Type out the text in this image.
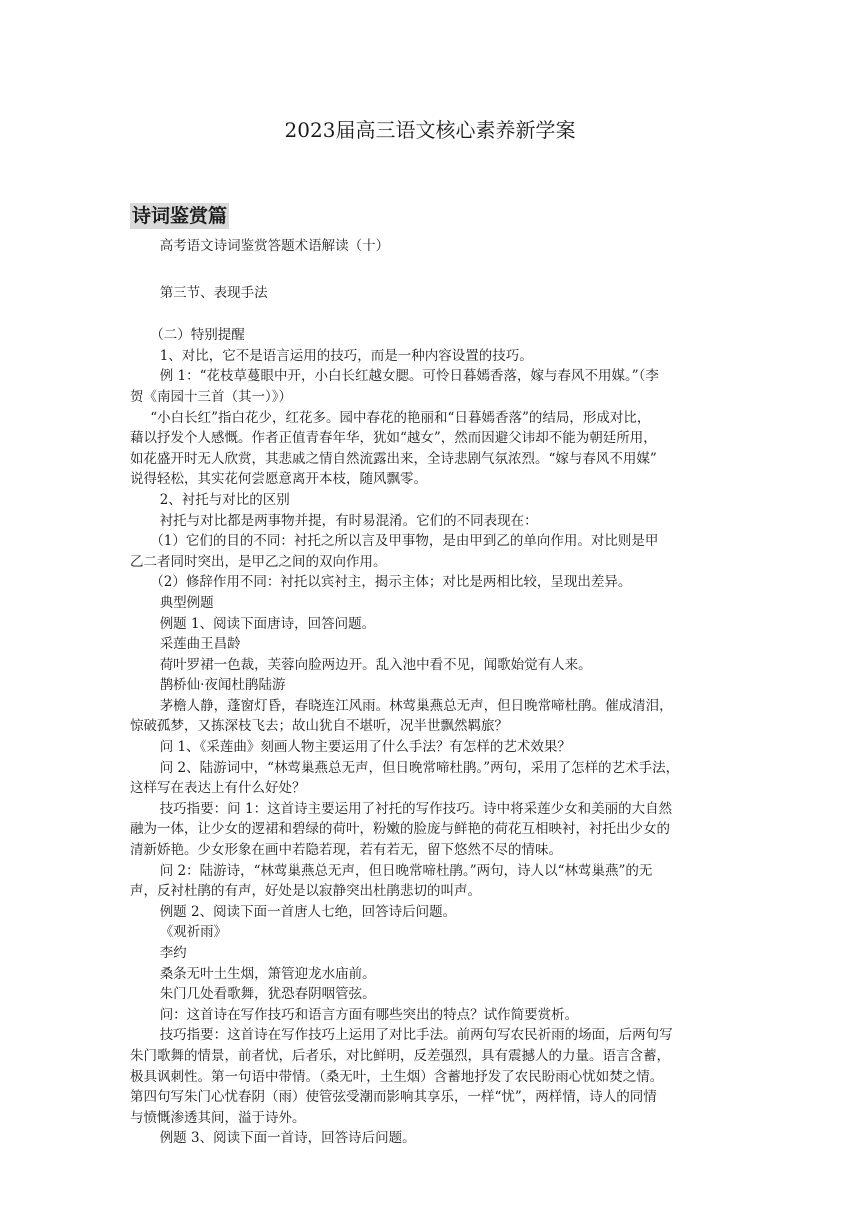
2023届高三语文核心素养新学案
诗词鉴赏篇

高考语文诗词鉴赏答题术语解读（十）

第三节、表现手法

（二）特别提醒

1、对比，它不是语言运用的技巧，而是一种内容设置的技巧。

例 1：“花枝草蔓眼中开，小白长红越女腮。可怜日暮嫣香落，嫁与春风不用媒。”（李

贺《南园十三首（其一）》）

“小白长红”指白花少，红花多。园中春花的艳丽和“日暮嫣香落”的结局，形成对比，

藉以抒发个人感慨。作者正值青春年华，犹如“越女”，然而因避父讳却不能为朝廷所用，

如花盛开时无人欣赏，其悲戚之情自然流露出来，全诗悲剧气氛浓烈。“嫁与春风不用媒”

说得轻松，其实花何尝愿意离开本枝，随风飘零。

2、衬托与对比的区别

衬托与对比都是两事物并提，有时易混淆。它们的不同表现在：

（1）它们的目的不同：衬托之所以言及甲事物，是由甲到乙的单向作用。对比则是甲

乙二者同时突出，是甲乙之间的双向作用。

（2）修辞作用不同：衬托以宾衬主，揭示主体；对比是两相比较，呈现出差异。

典型例题

例题 1、阅读下面唐诗，回答问题。

采莲曲王昌龄

荷叶罗裙一色裁，芙蓉向脸两边开。乱入池中看不见，闻歌始觉有人来。

鹊桥仙·夜闻杜鹃陆游

茅檐人静，蓬窗灯昏，春晓连江风雨。林莺巢燕总无声，但日晚常啼杜鹃。催成清泪，

惊破孤梦，又拣深枝飞去；故山犹自不堪听，况半世飘然羁旅？

问 1、《采莲曲》刻画人物主要运用了什么手法？有怎样的艺术效果？

问 2、陆游词中，“林莺巢燕总无声，但日晚常啼杜鹃。”两句，采用了怎样的艺术手法，

这样写在表达上有什么好处？

技巧指要：问 1：这首诗主要运用了衬托的写作技巧。诗中将采莲少女和美丽的大自然

融为一体，让少女的逻裙和碧绿的荷叶，粉嫩的脸庞与鲜艳的荷花互相映衬，衬托出少女的

清新娇艳。少女形象在画中若隐若现，若有若无，留下悠然不尽的情味。

问 2：陆游诗，“林莺巢燕总无声，但日晚常啼杜鹃。”两句，诗人以“林莺巢燕”的无

声，反衬杜鹃的有声，好处是以寂静突出杜鹃悲切的叫声。

例题 2、阅读下面一首唐人七绝，回答诗后问题。

《观祈雨》

李约

桑条无叶土生烟，箫管迎龙水庙前。

朱门几处看歌舞，犹恐春阴咽管弦。

问：这首诗在写作技巧和语言方面有哪些突出的特点？试作简要赏析。

技巧指要：这首诗在写作技巧上运用了对比手法。前两句写农民祈雨的场面，后两句写

朱门歌舞的情景，前者忧，后者乐，对比鲜明，反差强烈，具有震撼人的力量。语言含蓄，

极具讽刺性。第一句语中带情。（桑无叶，土生烟）含蓄地抒发了农民盼雨心忧如焚之情。

第四句写朱门心忧春阴（雨）使管弦受潮而影响其享乐，一样“忧”，两样情，诗人的同情

与愤慨渗透其间，溢于诗外。

例题 3、阅读下面一首诗，回答诗后问题。
